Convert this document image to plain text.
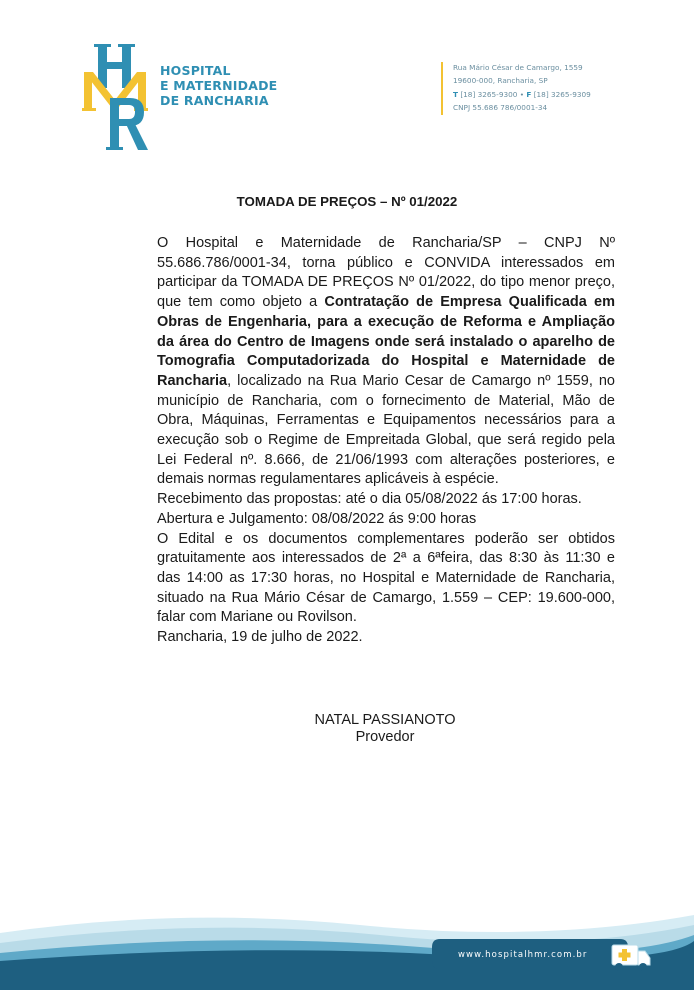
HOSPITAL
E MATERNIDADE
DE RANCHARIA
Rua Mário César de Camargo, 1559
19600-000, Rancharia, SP
T [18] 3265-9300 • F [18] 3265-9309
CNPJ 55.686 786/0001-34
TOMADA DE PREÇOS – Nº 01/2022

O Hospital e Maternidade de Rancharia/SP – CNPJ Nº 55.686.786/0001-34, torna público e CONVIDA interessados em participar da TOMADA DE PREÇOS Nº 01/2022, do tipo menor preço, que tem como objeto a Contratação de Empresa Qualificada em Obras de Engenharia, para a execução de Reforma e Ampliação da área do Centro de Imagens onde será instalado o aparelho de Tomografia Computadorizada do Hospital e Maternidade de Rancharia, localizado na Rua Mario Cesar de Camargo nº 1559, no município de Rancharia, com o fornecimento de Material, Mão de Obra, Máquinas, Ferramentas e Equipamentos necessários para a execução sob o Regime de Empreitada Global, que será regido pela Lei Federal nº. 8.666, de 21/06/1993 com alterações posteriores, e demais normas regulamentares aplicáveis à espécie.

Recebimento das propostas: até o dia 05/08/2022 ás 17:00 horas.

Abertura e Julgamento: 08/08/2022 ás 9:00 horas

O Edital e os documentos complementares poderão ser obtidos gratuitamente aos interessados de 2ª a 6ªfeira, das 8:30 às 11:30 e das 14:00 as 17:30 horas, no Hospital e Maternidade de Rancharia, situado na Rua Mário César de Camargo, 1.559 – CEP: 19.600-000, falar com Mariane ou Rovilson.

Rancharia, 19 de julho de 2022.

NATAL PASSIANOTO
Provedor
www.hospitalhmr.com.br
